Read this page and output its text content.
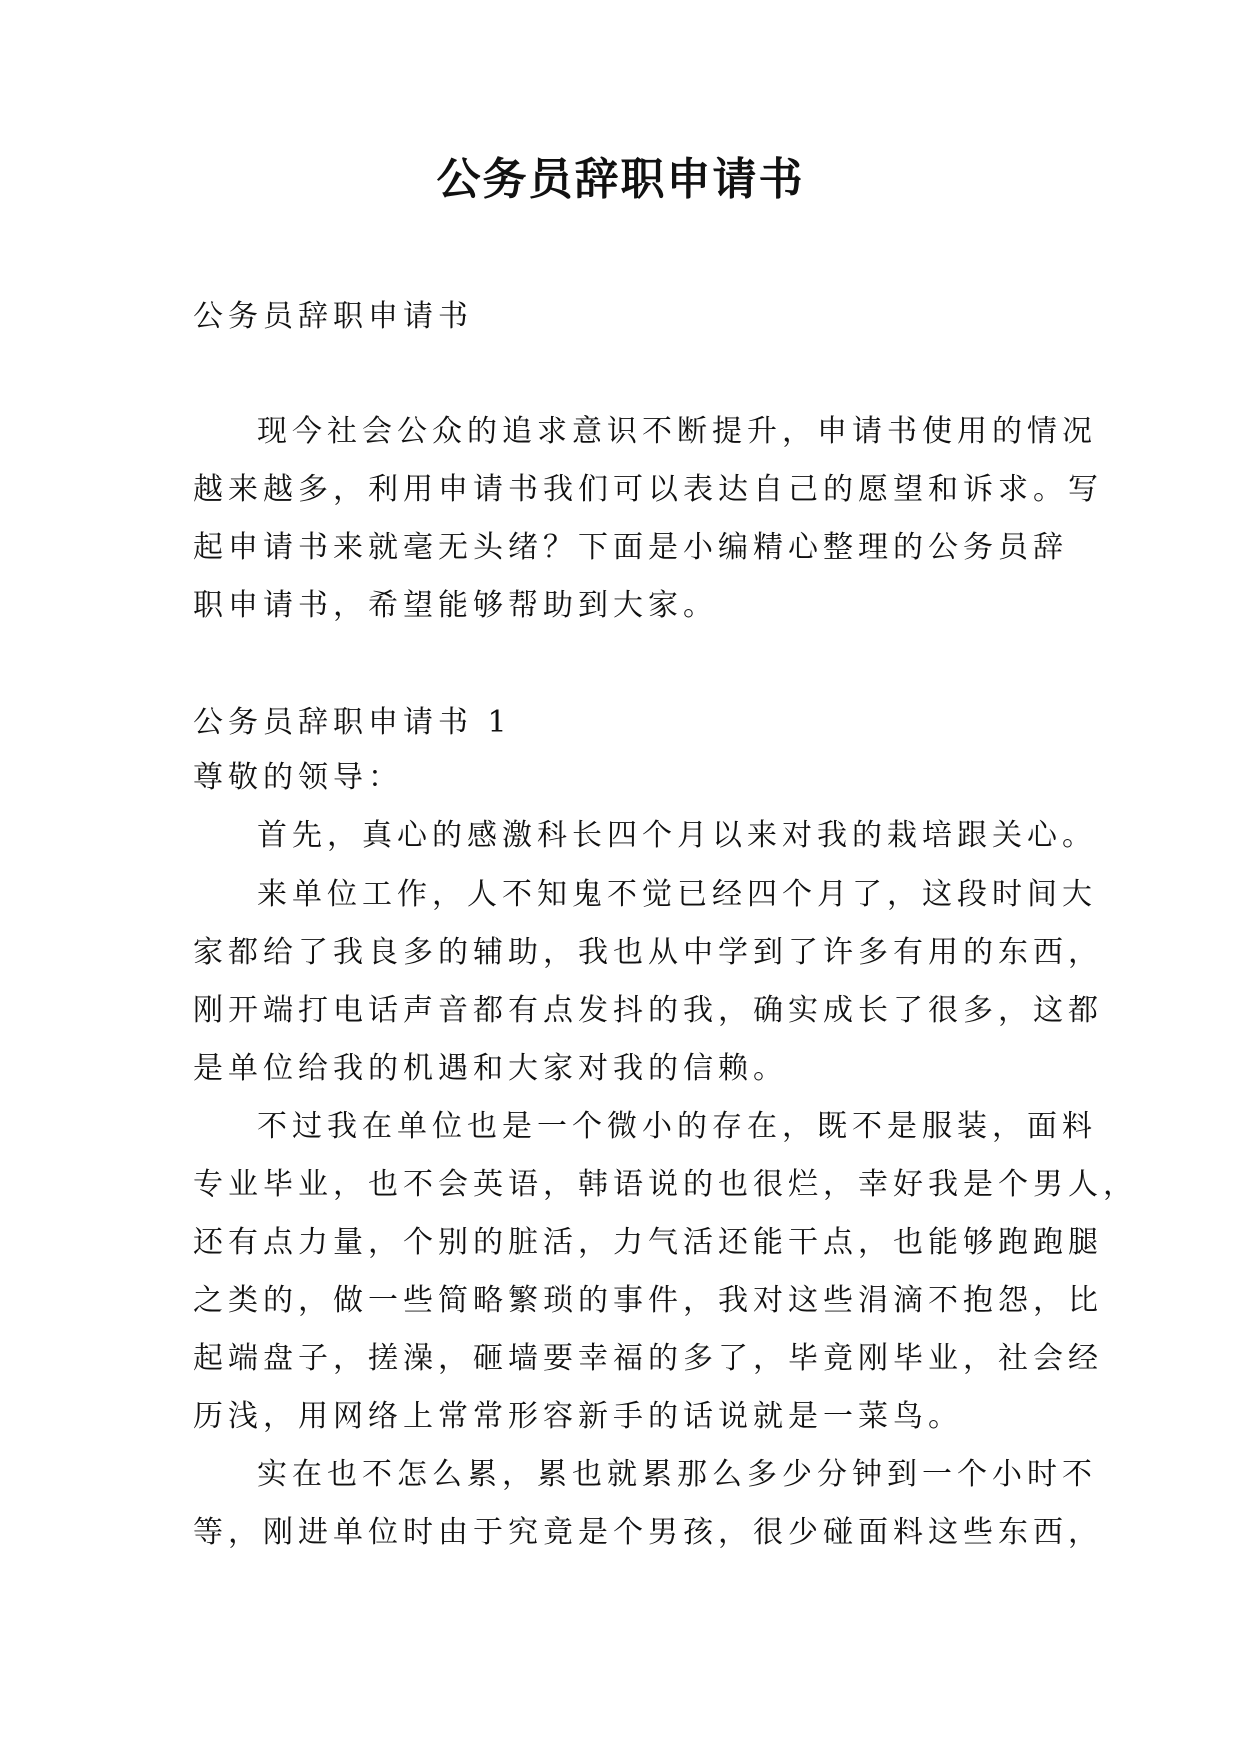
公务员辞职申请书

公务员辞职申请书

现今社会公众的追求意识不断提升，申请书使用的情况

越来越多，利用申请书我们可以表达自己的愿望和诉求。写

起申请书来就毫无头绪？下面是小编精心整理的公务员辞

职申请书，希望能够帮助到大家。

公务员辞职申请书 1

尊敬的领导：

首先，真心的感激科长四个月以来对我的栽培跟关心。

来单位工作，人不知鬼不觉已经四个月了，这段时间大

家都给了我良多的辅助，我也从中学到了许多有用的东西，

刚开端打电话声音都有点发抖的我，确实成长了很多，这都

是单位给我的机遇和大家对我的信赖。

不过我在单位也是一个微小的存在，既不是服装，面料

专业毕业，也不会英语，韩语说的也很烂，幸好我是个男人，

还有点力量，个别的脏活，力气活还能干点，也能够跑跑腿

之类的，做一些简略繁琐的事件，我对这些涓滴不抱怨，比

起端盘子，搓澡，砸墙要幸福的多了，毕竟刚毕业，社会经

历浅，用网络上常常形容新手的话说就是一菜鸟。

实在也不怎么累，累也就累那么多少分钟到一个小时不

等，刚进单位时由于究竟是个男孩，很少碰面料这些东西，
